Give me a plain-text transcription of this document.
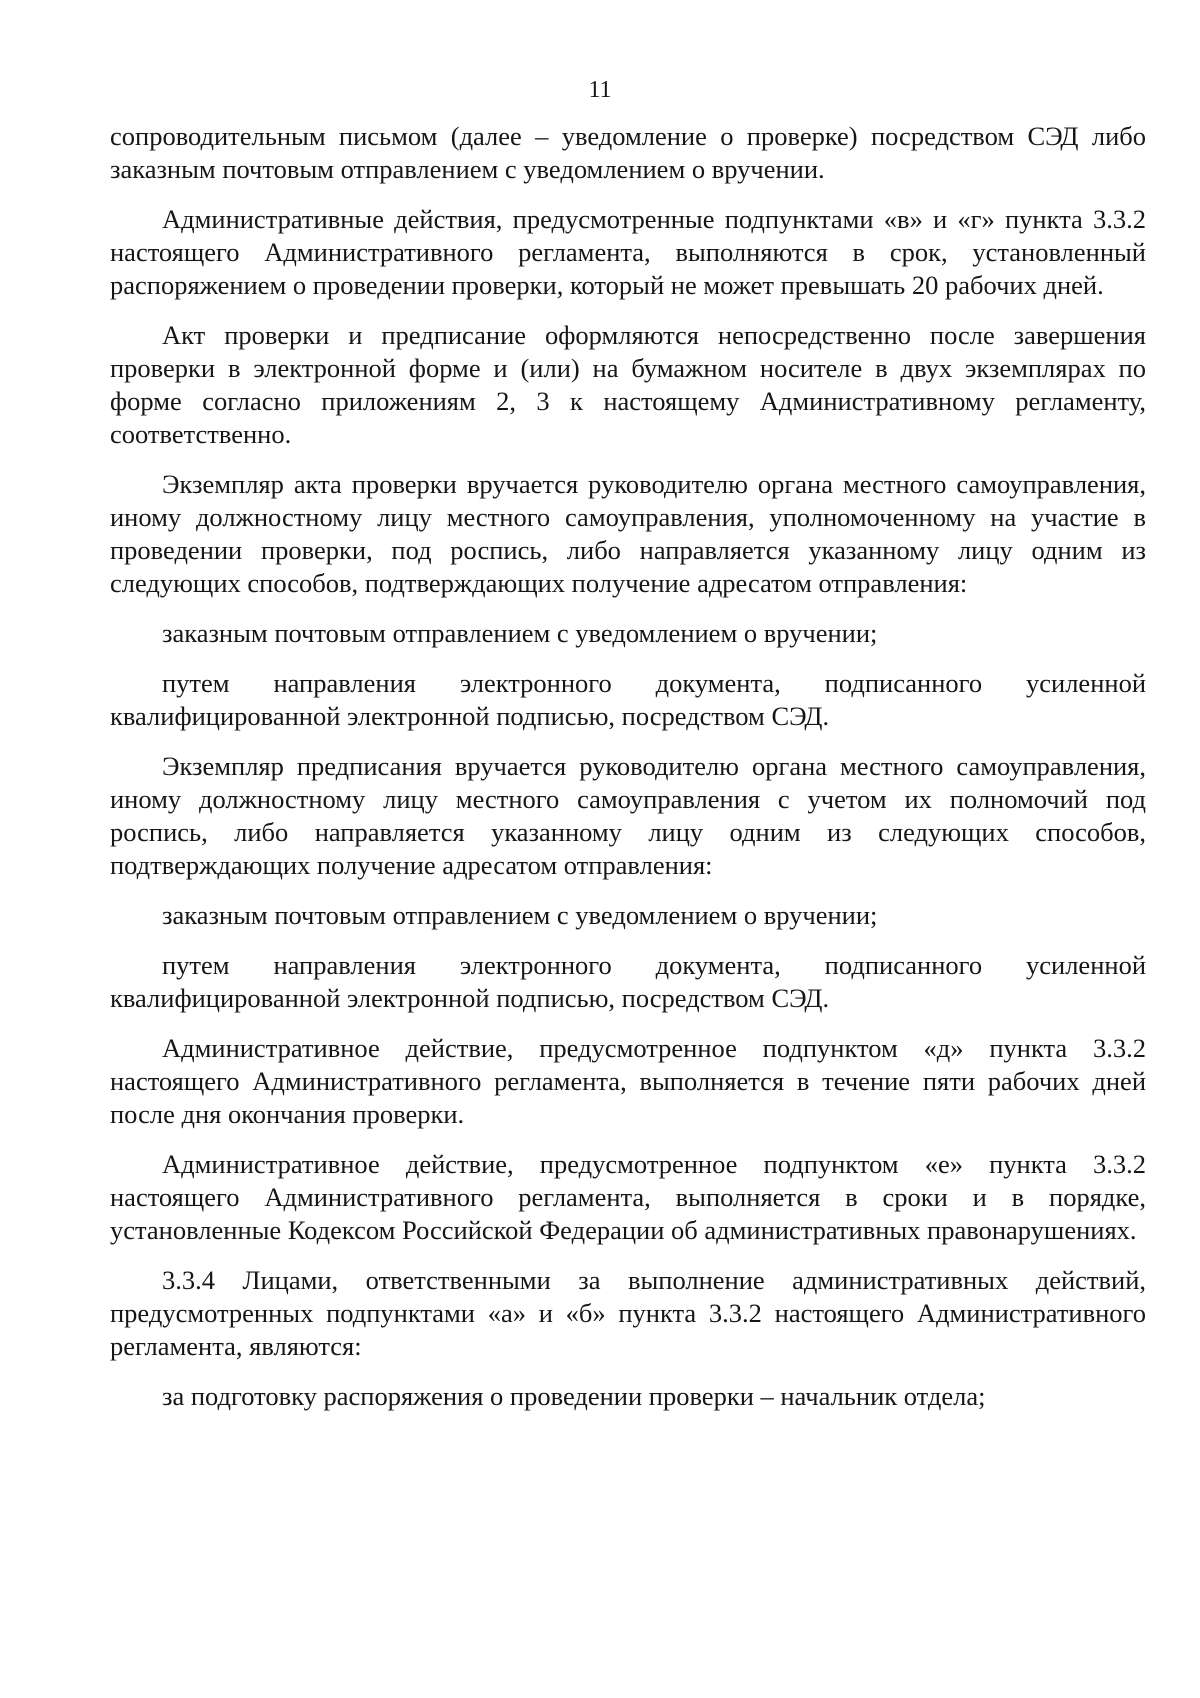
11

сопроводительным письмом (далее – уведомление о проверке) посредством СЭД либо заказным почтовым отправлением с уведомлением о вручении.

Административные действия, предусмотренные подпунктами «в» и «г» пункта 3.3.2 настоящего Административного регламента, выполняются в срок, установленный распоряжением о проведении проверки, который не может превышать 20 рабочих дней.

Акт проверки и предписание оформляются непосредственно после завершения проверки в электронной форме и (или) на бумажном носителе в двух экземплярах по форме согласно приложениям 2, 3 к настоящему Административному регламенту, соответственно.

Экземпляр акта проверки вручается руководителю органа местного самоуправления, иному должностному лицу местного самоуправления, уполномоченному на участие в проведении проверки, под роспись, либо направляется указанному лицу одним из следующих способов, подтверждающих получение адресатом отправления:

заказным почтовым отправлением с уведомлением о вручении;

путем направления электронного документа, подписанного усиленной квалифицированной электронной подписью, посредством СЭД.

Экземпляр предписания вручается руководителю органа местного самоуправления, иному должностному лицу местного самоуправления с учетом их полномочий под роспись, либо направляется указанному лицу одним из следующих способов, подтверждающих получение адресатом отправления:

заказным почтовым отправлением с уведомлением о вручении;

путем направления электронного документа, подписанного усиленной квалифицированной электронной подписью, посредством СЭД.

Административное действие, предусмотренное подпунктом «д» пункта 3.3.2 настоящего Административного регламента, выполняется в течение пяти рабочих дней после дня окончания проверки.

Административное действие, предусмотренное подпунктом «е» пункта 3.3.2 настоящего Административного регламента, выполняется в сроки и в порядке, установленные Кодексом Российской Федерации об административных правонарушениях.

3.3.4 Лицами, ответственными за выполнение административных действий, предусмотренных подпунктами «а» и «б» пункта 3.3.2 настоящего Административного регламента, являются:

за подготовку распоряжения о проведении проверки – начальник отдела;
